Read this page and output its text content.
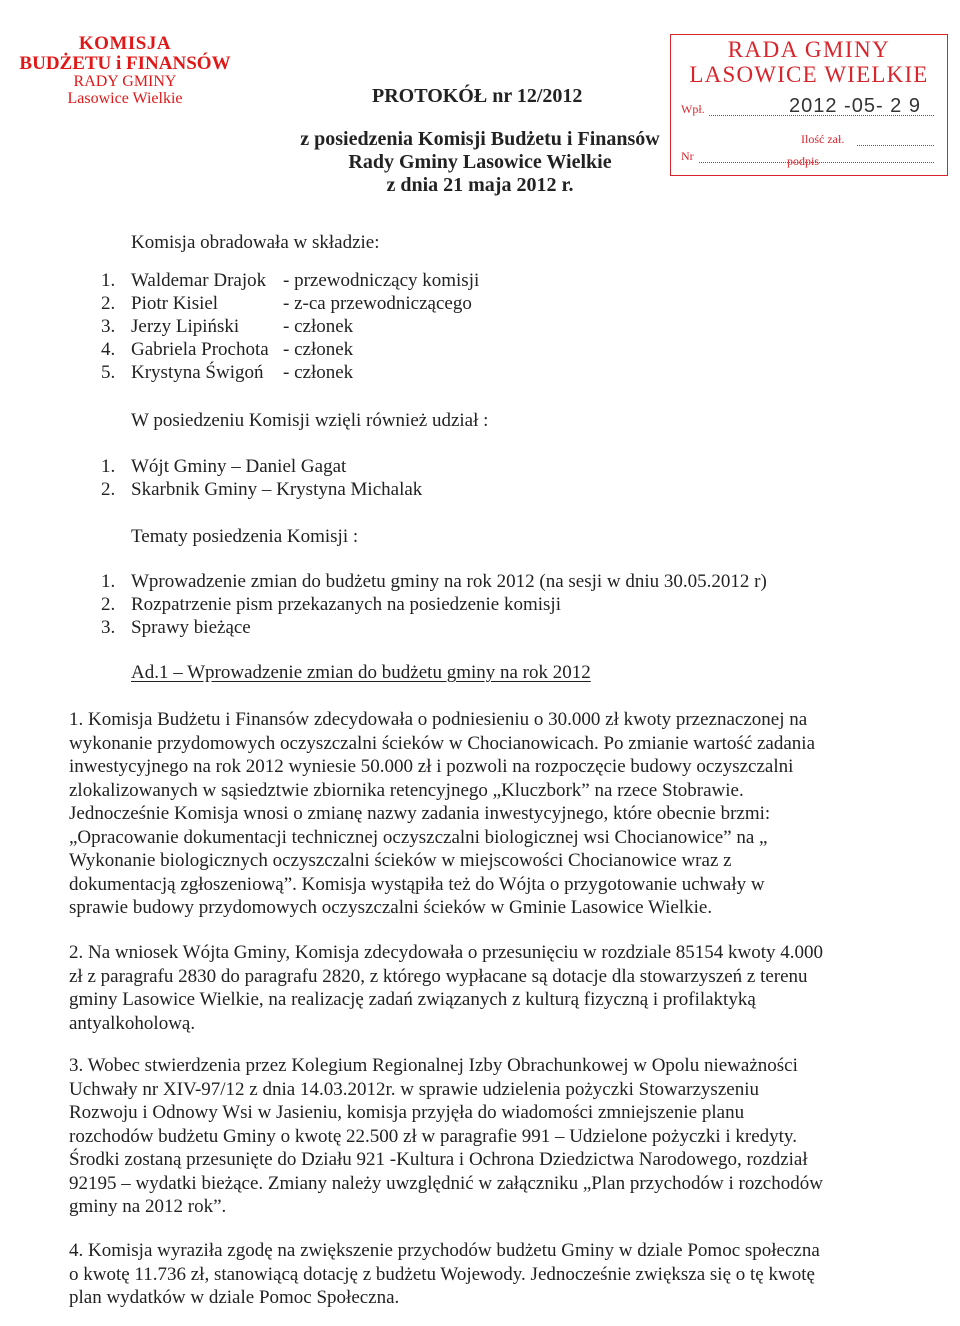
KOMISJA
BUDŻETU i FINANSÓW
RADY GMINY
Lasowice Wielkie
RADA GMINY
LASOWICE WIELKIE
Wpł.	2012 -05- 2 9
Ilość zał.
Nr	podpis
PROTOKÓŁ nr 12/2012
z posiedzenia Komisji Budżetu i Finansów
Rady Gminy Lasowice Wielkie
z dnia 21 maja 2012 r.
Komisja obradowała w składzie:
1. Waldemar Drajok - przewodniczący komisji
2. Piotr Kisiel	- z-ca przewodniczącego
3. Jerzy Lipiński - członek
4. Gabriela Prochota - członek
5. Krystyna Świgoń - członek
W posiedzeniu Komisji wzięli również udział :
1. Wójt Gminy – Daniel Gagat
2. Skarbnik Gminy – Krystyna Michalak
Tematy posiedzenia Komisji :
1. Wprowadzenie zmian do budżetu gminy na rok 2012 (na sesji w dniu 30.05.2012 r)
2. Rozpatrzenie pism przekazanych na posiedzenie komisji
3. Sprawy bieżące
Ad.1 – Wprowadzenie zmian do budżetu gminy na rok 2012
1. Komisja Budżetu i Finansów zdecydowała o podniesieniu o 30.000 zł kwoty przeznaczonej na
wykonanie przydomowych oczyszczalni ścieków w Chocianowicach. Po zmianie wartość zadania
inwestycyjnego na rok 2012 wyniesie 50.000 zł i pozwoli na rozpoczęcie budowy oczyszczalni
zlokalizowanych w sąsiedztwie zbiornika retencyjnego „Kluczbork” na rzece Stobrawie.
Jednocześnie Komisja wnosi o zmianę nazwy zadania inwestycyjnego, które obecnie brzmi:
„Opracowanie dokumentacji technicznej oczyszczalni biologicznej wsi Chocianowice” na „
Wykonanie biologicznych oczyszczalni ścieków w miejscowości Chocianowice wraz z
dokumentacją zgłoszeniową”. Komisja wystąpiła też do Wójta o przygotowanie uchwały w
sprawie budowy przydomowych oczyszczalni ścieków w Gminie Lasowice Wielkie.
2. Na wniosek Wójta Gminy, Komisja zdecydowała o przesunięciu w rozdziale 85154 kwoty 4.000
zł z paragrafu 2830 do paragrafu 2820, z którego wypłacane są dotacje dla stowarzyszeń z terenu
gminy Lasowice Wielkie, na realizację zadań związanych z kulturą fizyczną i profilaktyką
antyalkoholową.
3. Wobec stwierdzenia przez Kolegium Regionalnej Izby Obrachunkowej w Opolu nieważności
Uchwały nr XIV-97/12 z dnia 14.03.2012r. w sprawie udzielenia pożyczki Stowarzyszeniu
Rozwoju i Odnowy Wsi w Jasieniu, komisja przyjęła do wiadomości zmniejszenie planu
rozchodów budżetu Gminy o kwotę 22.500 zł w paragrafie 991 – Udzielone pożyczki i kredyty.
Środki zostaną przesunięte do Działu 921 -Kultura i Ochrona Dziedzictwa Narodowego, rozdział
92195 – wydatki bieżące. Zmiany należy uwzględnić w załączniku „Plan przychodów i rozchodów
gminy na 2012 rok”.
4. Komisja wyraziła zgodę na zwiększenie przychodów budżetu Gminy w dziale Pomoc społeczna
o kwotę 11.736 zł, stanowiącą dotację z budżetu Wojewody. Jednocześnie zwiększa się o tę kwotę
plan wydatków w dziale Pomoc Społeczna.
